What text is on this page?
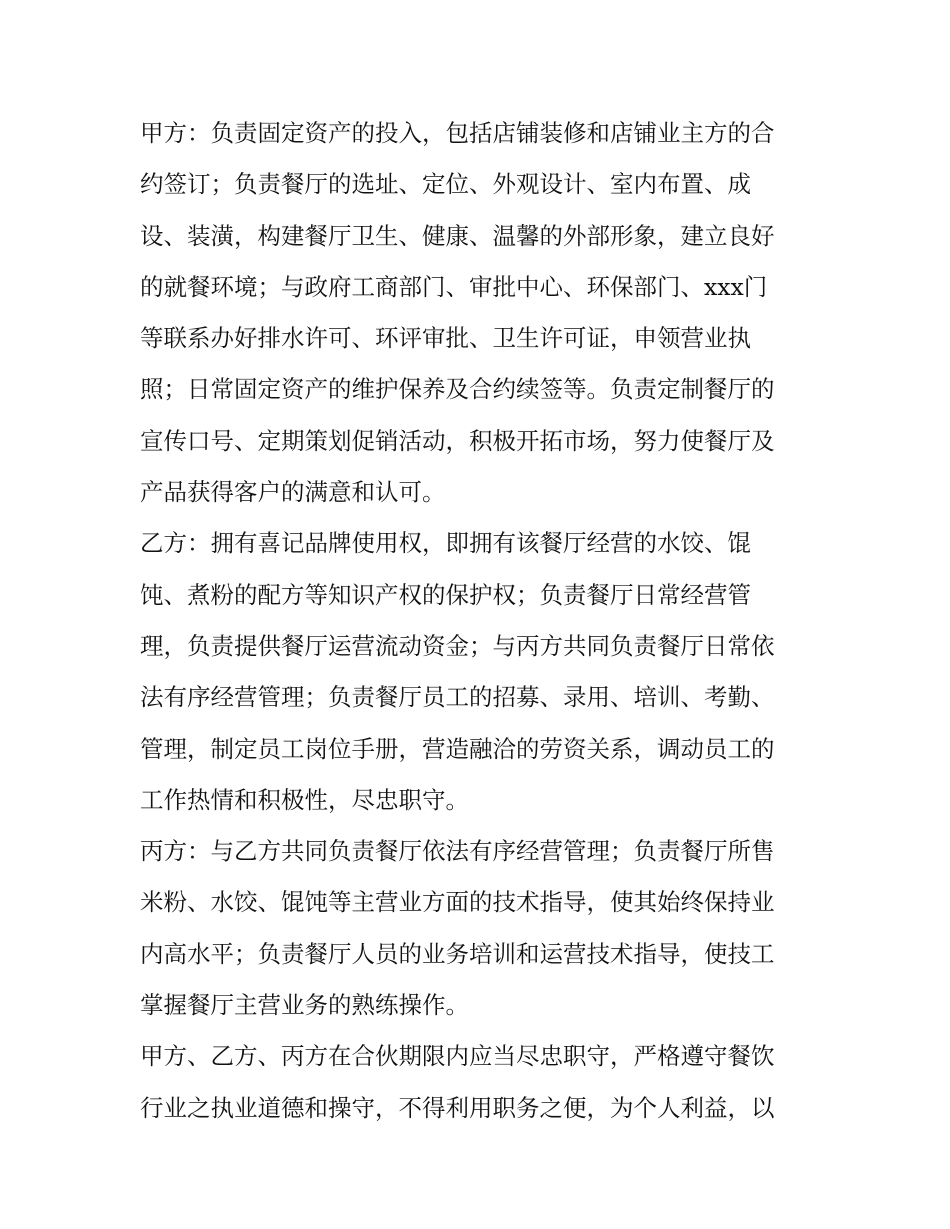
甲方：负责固定资产的投入，包括店铺装修和店铺业主方的合
约签订；负责餐厅的选址、定位、外观设计、室内布置、成
设、装潢，构建餐厅卫生、健康、温馨的外部形象，建立良好
的就餐环境；与政府工商部门、审批中心、环保部门、xxx门
等联系办好排水许可、环评审批、卫生许可证，申领营业执
照；日常固定资产的维护保养及合约续签等。负责定制餐厅的
宣传口号、定期策划促销活动，积极开拓市场，努力使餐厅及
产品获得客户的满意和认可。
乙方：拥有喜记品牌使用权，即拥有该餐厅经营的水饺、馄
饨、煮粉的配方等知识产权的保护权；负责餐厅日常经营管
理，负责提供餐厅运营流动资金；与丙方共同负责餐厅日常依
法有序经营管理；负责餐厅员工的招募、录用、培训、考勤、
管理，制定员工岗位手册，营造融洽的劳资关系，调动员工的
工作热情和积极性，尽忠职守。
丙方：与乙方共同负责餐厅依法有序经营管理；负责餐厅所售
米粉、水饺、馄饨等主营业方面的技术指导，使其始终保持业
内高水平；负责餐厅人员的业务培训和运营技术指导，使技工
掌握餐厅主营业务的熟练操作。
甲方、乙方、丙方在合伙期限内应当尽忠职守，严格遵守餐饮
行业之执业道德和操守，不得利用职务之便，为个人利益，以
